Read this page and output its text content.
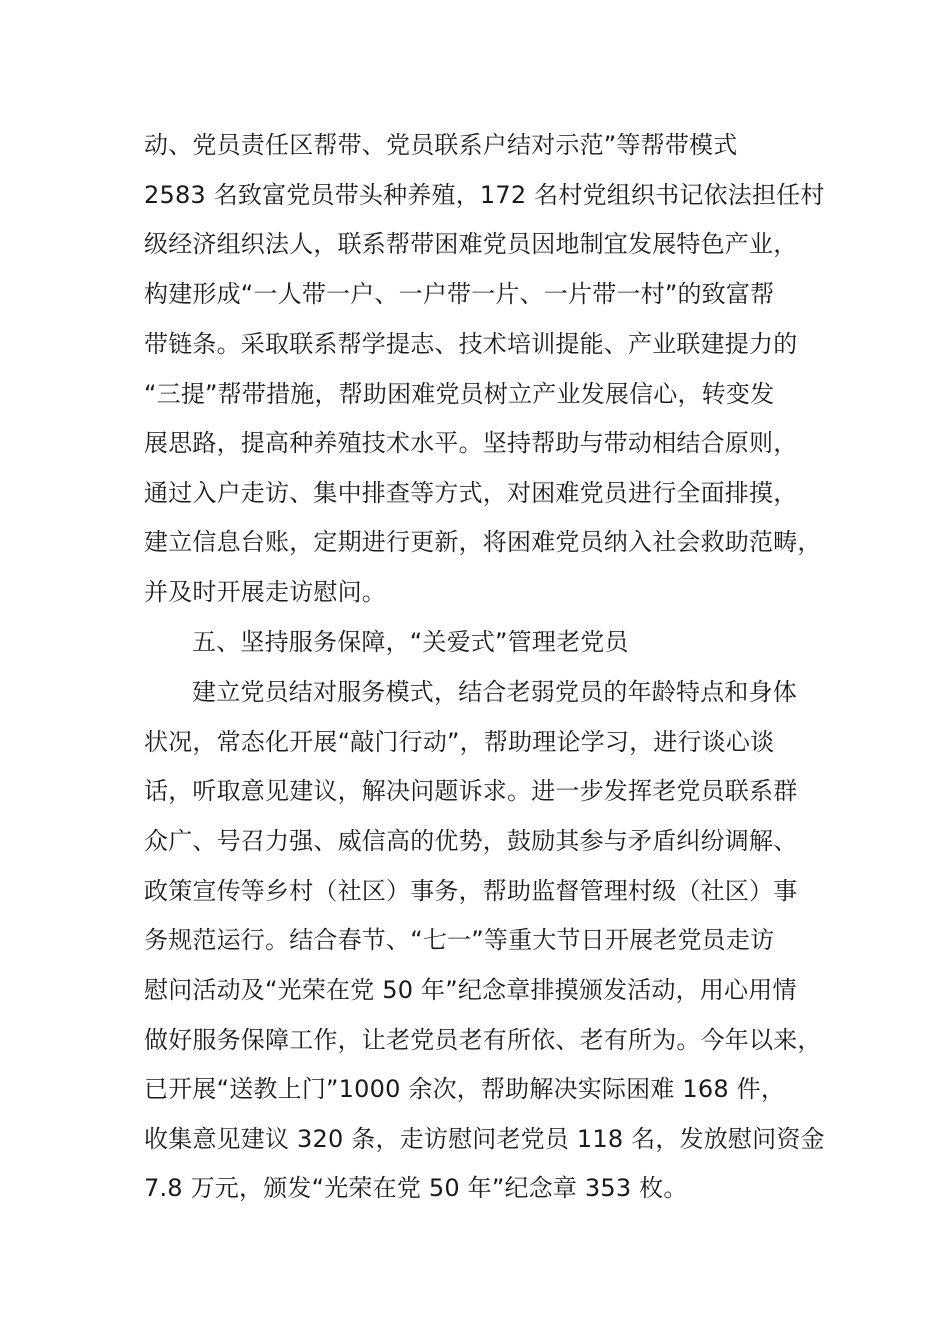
动、党员责任区帮带、党员联系户结对示范”等帮带模式
2583 名致富党员带头种养殖，172 名村党组织书记依法担任村
级经济组织法人，联系帮带困难党员因地制宜发展特色产业，
构建形成“一人带一户、一户带一片、一片带一村”的致富帮
带链条。采取联系帮学提志、技术培训提能、产业联建提力的
“三提”帮带措施，帮助困难党员树立产业发展信心，转变发
展思路，提高种养殖技术水平。坚持帮助与带动相结合原则，
通过入户走访、集中排查等方式，对困难党员进行全面排摸，
建立信息台账，定期进行更新，将困难党员纳入社会救助范畴，
并及时开展走访慰问。
五、坚持服务保障，“关爱式”管理老党员
建立党员结对服务模式，结合老弱党员的年龄特点和身体
状况，常态化开展“敲门行动”，帮助理论学习，进行谈心谈
话，听取意见建议，解决问题诉求。进一步发挥老党员联系群
众广、号召力强、威信高的优势，鼓励其参与矛盾纠纷调解、
政策宣传等乡村（社区）事务，帮助监督管理村级（社区）事
务规范运行。结合春节、“七一”等重大节日开展老党员走访
慰问活动及“光荣在党 50 年”纪念章排摸颁发活动，用心用情
做好服务保障工作，让老党员老有所依、老有所为。今年以来，
已开展“送教上门”1000 余次，帮助解决实际困难 168 件，
收集意见建议 320 条，走访慰问老党员 118 名，发放慰问资金
7.8 万元，颁发“光荣在党 50 年”纪念章 353 枚。
